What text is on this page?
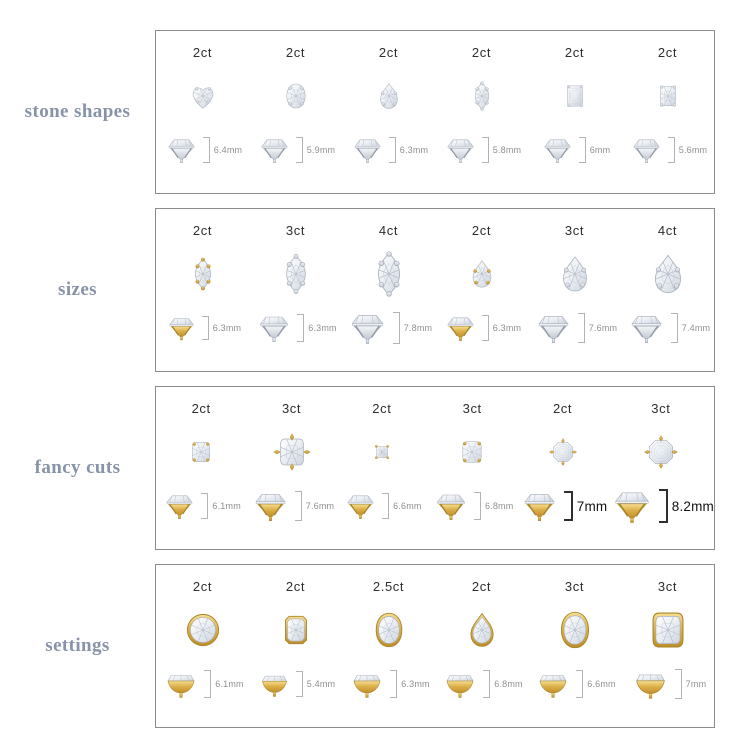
stone shapes
2ct
6.4mm
2ct
5.9mm
2ct
6.3mm
2ct
5.8mm
2ct
6mm
2ct
5.6mm
sizes
2ct
6.3mm
3ct
6.3mm
4ct
7.8mm
2ct
6.3mm
3ct
7.6mm
4ct
7.4mm
fancy cuts
2ct
6.1mm
3ct
7.6mm
2ct
6.6mm
3ct
6.8mm
2ct
7mm
3ct
8.2mm
settings
2ct
6.1mm
2ct
5.4mm
2.5ct
6.3mm
2ct
6.8mm
3ct
6.6mm
3ct
7mm
